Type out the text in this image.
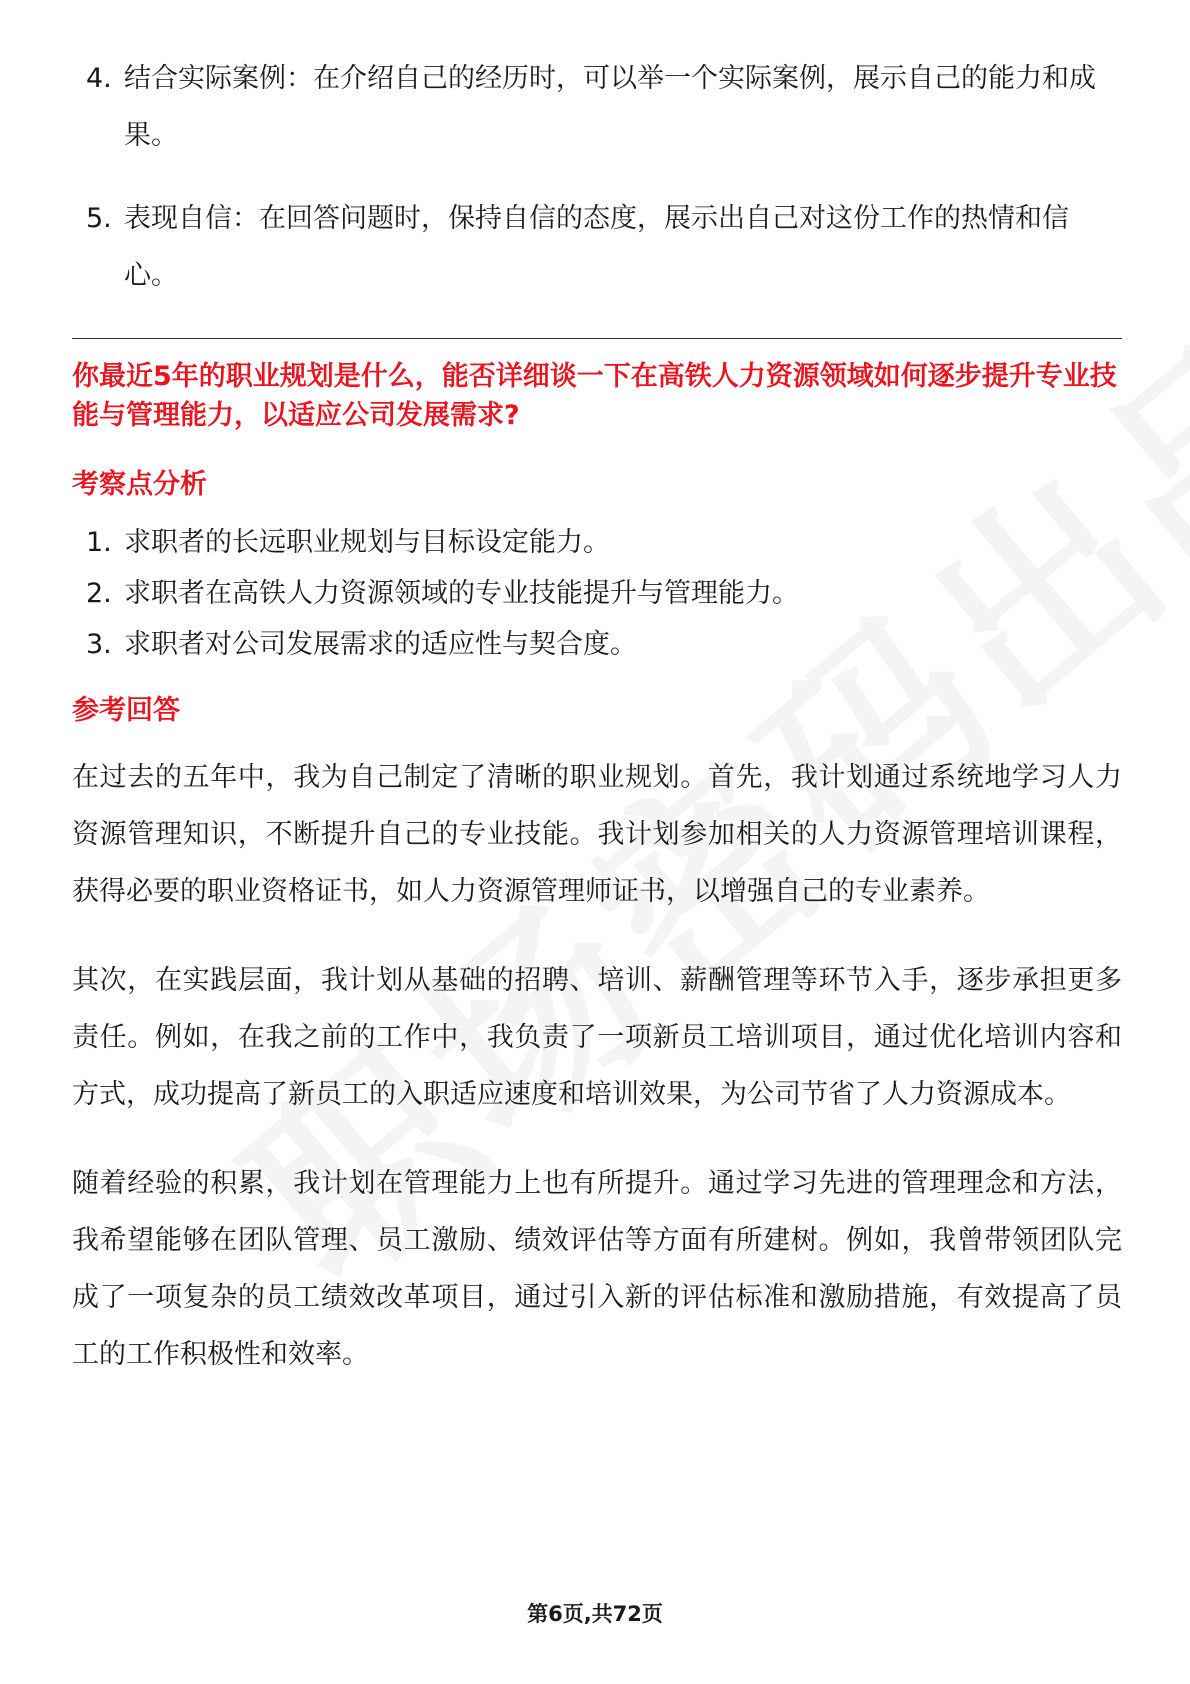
4. 结合实际案例：在介绍自己的经历时，可以举一个实际案例，展示自己的能力和成果。
5. 表现自信：在回答问题时，保持自信的态度，展示出自己对这份工作的热情和信心。

你最近5年的职业规划是什么，能否详细谈一下在高铁人力资源领域如何逐步提升专业技能与管理能力，以适应公司发展需求?

考察点分析
1. 求职者的长远职业规划与目标设定能力。
2. 求职者在高铁人力资源领域的专业技能提升与管理能力。
3. 求职者对公司发展需求的适应性与契合度。
参考回答

在过去的五年中，我为自己制定了清晰的职业规划。首先，我计划通过系统地学习人力资源管理知识，不断提升自己的专业技能。我计划参加相关的人力资源管理培训课程，获得必要的职业资格证书，如人力资源管理师证书，以增强自己的专业素养。

其次，在实践层面，我计划从基础的招聘、培训、薪酬管理等环节入手，逐步承担更多责任。例如，在我之前的工作中，我负责了一项新员工培训项目，通过优化培训内容和方式，成功提高了新员工的入职适应速度和培训效果，为公司节省了人力资源成本。

随着经验的积累，我计划在管理能力上也有所提升。通过学习先进的管理理念和方法，我希望能够在团队管理、员工激励、绩效评估等方面有所建树。例如，我曾带领团队完成了一项复杂的员工绩效改革项目，通过引入新的评估标准和激励措施，有效提高了员工的工作积极性和效率。

第6页,共72页
